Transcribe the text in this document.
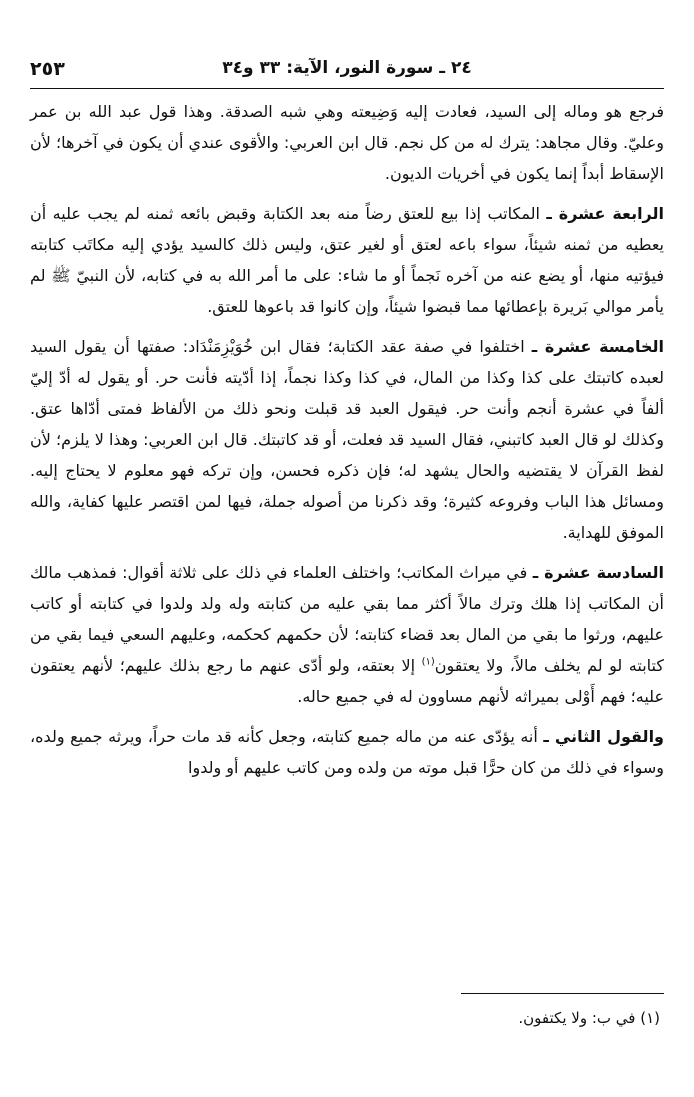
٢٥٣	٢٤ ـ سورة النور، الآية: ٣٣ و٣٤

فرجع هو وماله إلى السيد، فعادت إليه وَضِيعته وهي شبه الصدقة. وهذا قول عبد الله بن عمر وعليّ. وقال مجاهد: يترك له من كل نجم. قال ابن العربي: والأقوى عندي أن يكون في آخرها؛ لأن الإسقاط أبداً إنما يكون في أخريات الديون.

الرابعة عشرة ـ المكاتب إذا بيع للعتق رضاً منه بعد الكتابة وقبض بائعه ثمنه لم يجب عليه أن يعطيه من ثمنه شيئاً، سواء باعه لعتق أو لغير عتق، وليس ذلك كالسيد يؤدي إليه مكاتَب كتابته فيؤتيه منها، أو يضع عنه من آخره نَجماً أو ما شاء: على ما أمر الله به في كتابه، لأن النبيّ ﷺ لم يأمر موالي بَريرة بإعطائها مما قبضوا شيئاً، وإن كانوا قد باعوها للعتق.

الخامسة عشرة ـ اختلفوا في صفة عقد الكتابة؛ فقال ابن خُوَيْزِمَنْدَاد: صفتها أن يقول السيد لعبده كاتبتك على كذا وكذا من المال، في كذا وكذا نجماً، إذا أدّيته فأنت حر. أو يقول له أدّ إليّ ألفاً في عشرة أنجم وأنت حر. فيقول العبد قد قبلت ونحو ذلك من الألفاظ فمتى أدّاها عتق. وكذلك لو قال العبد كاتبني، فقال السيد قد فعلت، أو قد كاتبتك. قال ابن العربي: وهذا لا يلزم؛ لأن لفظ القرآن لا يقتضيه والحال يشهد له؛ فإن ذكره فحسن، وإن تركه فهو معلوم لا يحتاج إليه. ومسائل هذا الباب وفروعه كثيرة؛ وقد ذكرنا من أصوله جملة، فيها لمن اقتصر عليها كفاية، والله الموفق للهداية.

السادسة عشرة ـ في ميراث المكاتب؛ واختلف العلماء في ذلك على ثلاثة أقوال: فمذهب مالك أن المكاتب إذا هلك وترك مالاً أكثر مما بقي عليه من كتابته وله ولد ولدوا في كتابته أو كاتب عليهم، ورثوا ما بقي من المال بعد قضاء كتابته؛ لأن حكمهم كحكمه، وعليهم السعي فيما بقي من كتابته لو لم يخلف مالاً، ولا يعتقون$^{(١)}$ إلا بعتقه، ولو أدّى عنهم ما رجع بذلك عليهم؛ لأنهم يعتقون عليه؛ فهم أَوْلى بميراثه لأنهم مساوون له في جميع حاله.

والقول الثاني ـ أنه يؤدّى عنه من ماله جميع كتابته، وجعل كأنه قد مات حراً، ويرثه جميع ولده، وسواء في ذلك من كان حرًّا قبل موته من ولده ومن كاتب عليهم أو ولدوا

(١) في ب: ولا يكتفون.
